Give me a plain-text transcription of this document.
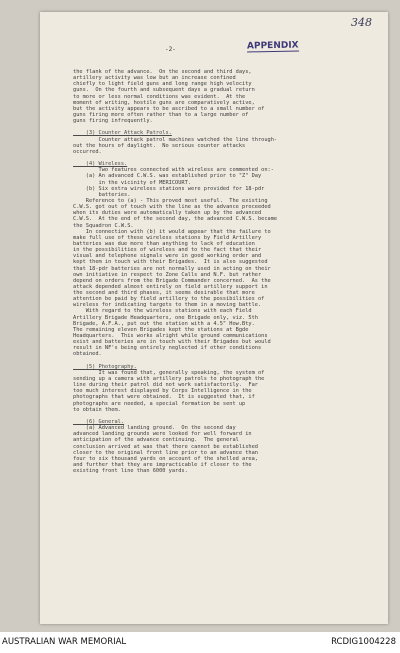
348
-2-	APPENDIX
the flank of the advance.  On the second and third days,
artillery activity was low but an increase confined
chiefly to light field guns and long range high velocity
guns.  On the fourth and subsequent days a gradual return
to more or less normal conditions was evident.  At the
moment of writing, hostile guns are comparatively active,
but the activity appears to be ascribed to a small number of
guns firing more often rather than to a large number of
guns firing infrequently.
(3) Counter Attack Patrols.
Counter attack patrol machines watched the line through-
out the hours of daylight.  No serious counter attacks
occurred.
(4) Wireless.
Two features connected with wireless are commented on:-
(a) An advanced C.W.S. was established prior to "Z" Day
in the vicinity of MERICOURT.
(b) Six extra wireless stations were provided for 18-pdr
batteries.
Reference to (a) - This proved most useful.  The existing
C.W.S. got out of touch with the line as the advance proceeded
when its duties were automatically taken up by the advanced
C.W.S.  At the end of the second day, the advanced C.W.S. became
the Squadron C.W.S.
In connection with (b) it would appear that the failure to
make full use of these wireless stations by Field Artillery
batteries was due more than anything to lack of education
in the possibilities of wireless and to the fact that their
visual and telephone signals were in good working order and
kept them in touch with their Brigades.  It is also suggested
that 18-pdr batteries are not normally used in acting on their
own initiative in respect to Zone Calls and N.F. but rather
depend on orders from the Brigade Commander concerned.  As the
attack depended almost entirely on field artillery support in
the second and third phases, it seems desirable that more
attention be paid by field artillery to the possibilities of
wireless for indicating targets to them in a moving battle.
With regard to the wireless stations with each Field
Artillery Brigade Headquarters, one Brigade only, viz. 5th
Brigade, A.F.A., put out the station with a 4.5" How.Bty.
The remaining eleven Brigades kept the stations at Bgde
Headquarters.  This works alright while ground communications
exist and batteries are in touch with their Brigades but would
result in NF's being entirely neglected if other conditions
obtained.
(5) Photography.
It was found that, generally speaking, the system of
sending up a camera with artillery patrols to photograph the
line during their patrol did not work satisfactorily.  Far
too much interest displayed by Corps Intelligence in the
photographs that were obtained.  It is suggested that, if
photographs are needed, a special formation be sent up
to obtain them.
(6) General.
(a) Advanced landing ground.  On the second day
advanced landing grounds were looked for well forward in
anticipation of the advance continuing.  The general
conclusion arrived at was that there cannot be established
closer to the original front line prior to an advance than
four to six thousand yards on account of the shelled area,
and further that they are impracticable if closer to the
existing front line than 6000 yards.
AUSTRALIAN WAR MEMORIAL	RCDIG1004228
